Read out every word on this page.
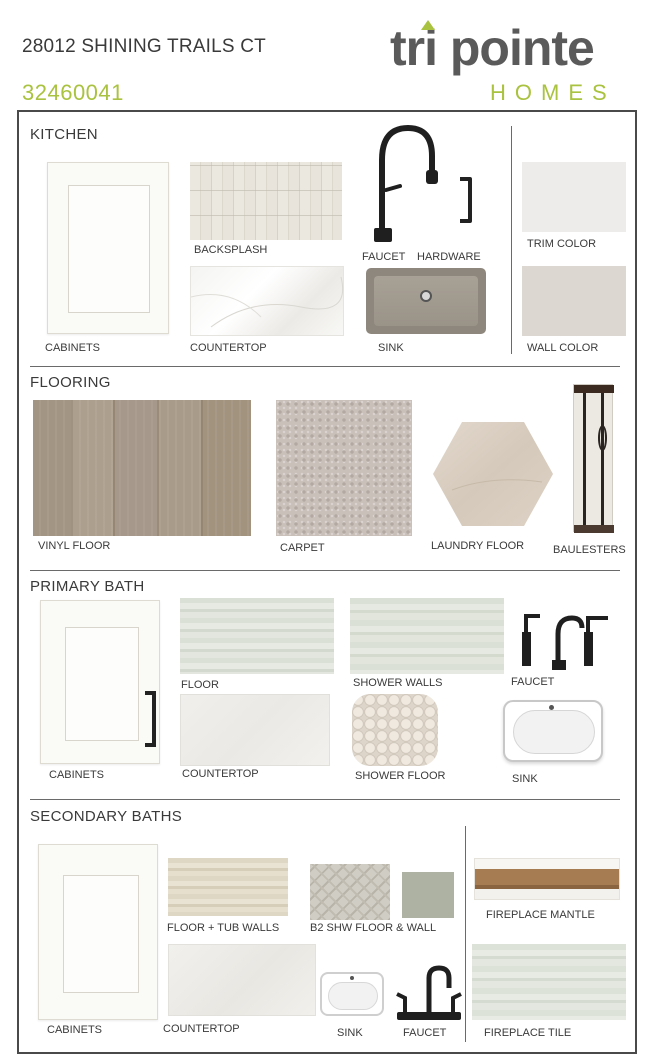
28012 SHINING TRAILS CT
32460041
tri pointe
HOMES
KITCHEN
CABINETS
BACKSPLASH
COUNTERTOP
FAUCET HARDWARE
SINK
TRIM COLOR
WALL COLOR
FLOORING
VINYL FLOOR	CARPET	LAUNDRY FLOOR	BAULESTERS
PRIMARY BATH
CABINETS
FLOOR	SHOWER WALLS	FAUCET
COUNTERTOP	SHOWER FLOOR	SINK
SECONDARY BATHS
CABINETS
FLOOR + TUB WALLS	B2 SHW FLOOR & WALL
COUNTERTOP	SINK	FAUCET
FIREPLACE MANTLE
FIREPLACE TILE
